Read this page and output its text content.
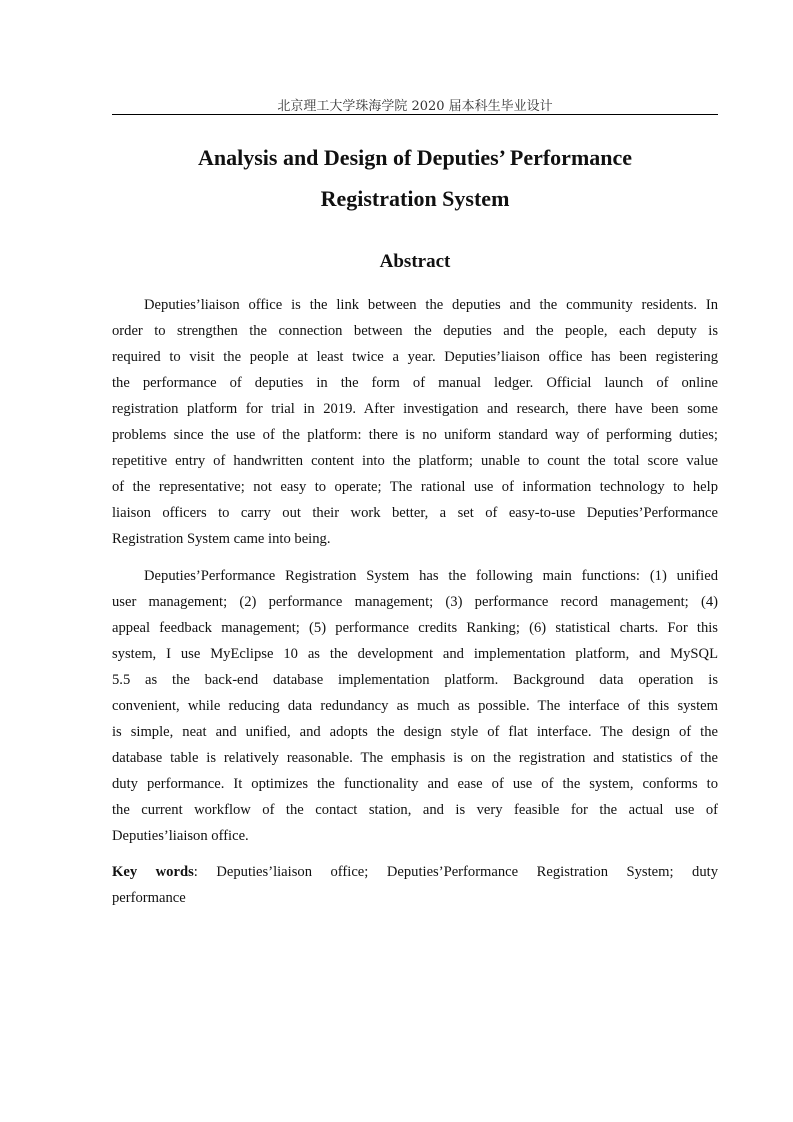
北京理工大学珠海学院 2020 届本科生毕业设计
Analysis and Design of Deputies’ Performance
Registration System
Abstract
Deputies’liaison office is the link between the deputies and the community residents. In
order to strengthen the connection between the deputies and the people, each deputy is
required to visit the people at least twice a year. Deputies’liaison office has been registering
the performance of deputies in the form of manual ledger. Official launch of online
registration platform for trial in 2019. After investigation and research, there have been some
problems since the use of the platform: there is no uniform standard way of performing duties;
repetitive entry of handwritten content into the platform; unable to count the total score value
of the representative; not easy to operate; The rational use of information technology to help
liaison officers to carry out their work better, a set of easy-to-use Deputies’Performance
Registration System came into being.
Deputies’Performance Registration System has the following main functions: (1) unified
user management; (2) performance management; (3) performance record management; (4)
appeal feedback management; (5) performance credits Ranking; (6) statistical charts. For this
system, I use MyEclipse 10 as the development and implementation platform, and MySQL
5.5 as the back-end database implementation platform. Background data operation is
convenient, while reducing data redundancy as much as possible. The interface of this system
is simple, neat and unified, and adopts the design style of flat interface. The design of the
database table is relatively reasonable. The emphasis is on the registration and statistics of the
duty performance. It optimizes the functionality and ease of use of the system, conforms to
the current workflow of the contact station, and is very feasible for the actual use of
Deputies’liaison office.
Key words: Deputies’liaison office; Deputies’Performance Registration System; duty
performance
